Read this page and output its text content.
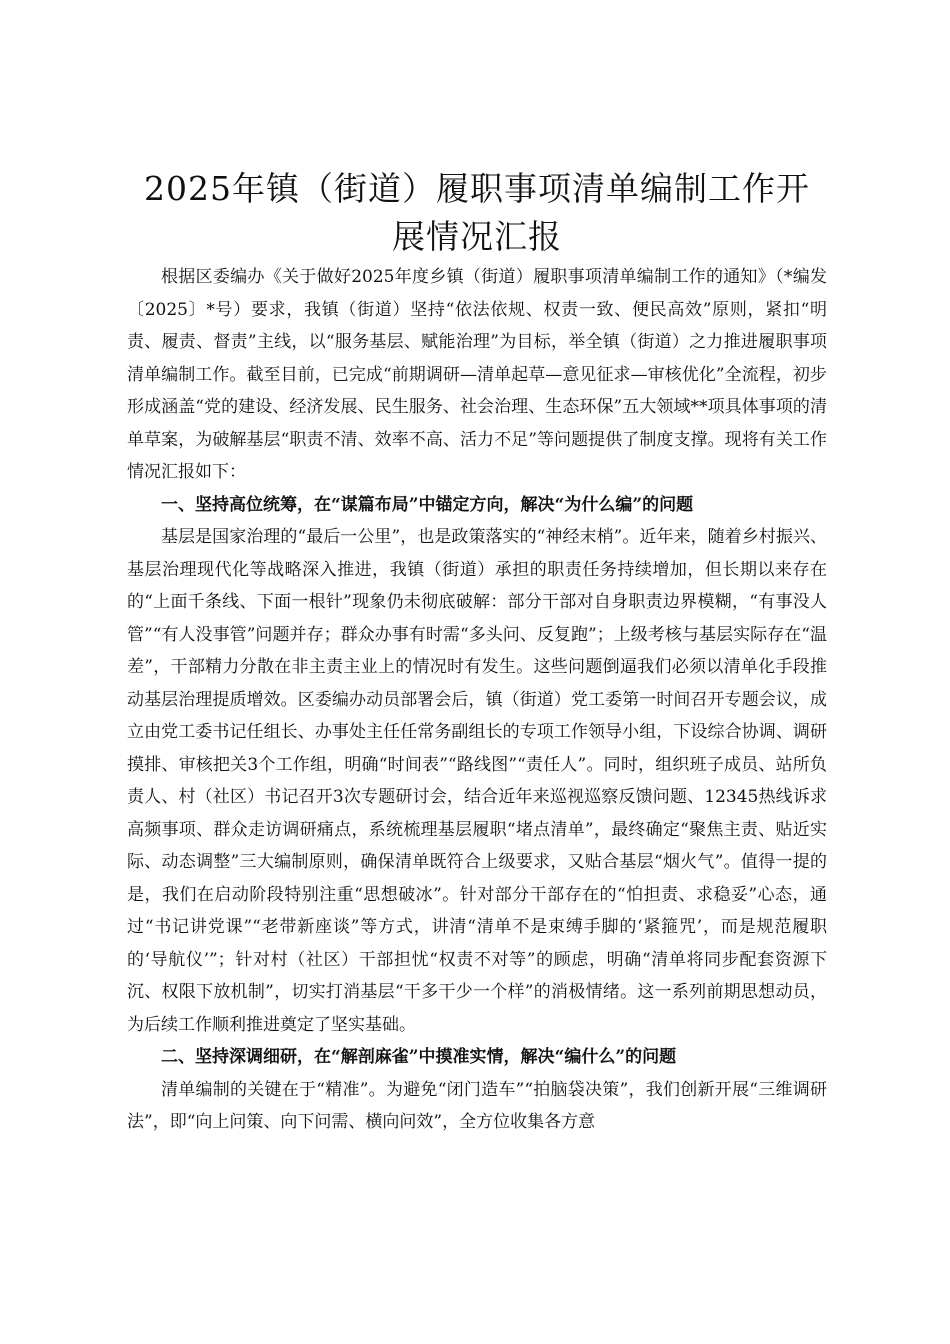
2025年镇（街道）履职事项清单编制工作开
展情况汇报

根据区委编办《关于做好2025年度乡镇（街道）履职事项清单编制工作的通知》（*编发〔2025〕*号）要求，我镇（街道）坚持“依法依规、权责一致、便民高效”原则，紧扣“明责、履责、督责”主线，以“服务基层、赋能治理”为目标，举全镇（街道）之力推进履职事项清单编制工作。截至目前，已完成“前期调研—清单起草—意见征求—审核优化”全流程，初步形成涵盖“党的建设、经济发展、民生服务、社会治理、生态环保”五大领域**项具体事项的清单草案，为破解基层“职责不清、效率不高、活力不足”等问题提供了制度支撑。现将有关工作情况汇报如下：

一、坚持高位统筹，在“谋篇布局”中锚定方向，解决“为什么编”的问题

基层是国家治理的“最后一公里”，也是政策落实的“神经末梢”。近年来，随着乡村振兴、基层治理现代化等战略深入推进，我镇（街道）承担的职责任务持续增加，但长期以来存在的“上面千条线、下面一根针”现象仍未彻底破解：部分干部对自身职责边界模糊，“有事没人管”“有人没事管”问题并存；群众办事有时需“多头问、反复跑”；上级考核与基层实际存在“温差”，干部精力分散在非主责主业上的情况时有发生。这些问题倒逼我们必须以清单化手段推动基层治理提质增效。区委编办动员部署会后，镇（街道）党工委第一时间召开专题会议，成立由党工委书记任组长、办事处主任任常务副组长的专项工作领导小组，下设综合协调、调研摸排、审核把关3个工作组，明确“时间表”“路线图”“责任人”。同时，组织班子成员、站所负责人、村（社区）书记召开3次专题研讨会，结合近年来巡视巡察反馈问题、12345热线诉求高频事项、群众走访调研痛点，系统梳理基层履职“堵点清单”，最终确定“聚焦主责、贴近实际、动态调整”三大编制原则，确保清单既符合上级要求，又贴合基层“烟火气”。值得一提的是，我们在启动阶段特别注重“思想破冰”。针对部分干部存在的“怕担责、求稳妥”心态，通过“书记讲党课”“老带新座谈”等方式，讲清“清单不是束缚手脚的‘紧箍咒’，而是规范履职的‘导航仪’”；针对村（社区）干部担忧“权责不对等”的顾虑，明确“清单将同步配套资源下沉、权限下放机制”，切实打消基层“干多干少一个样”的消极情绪。这一系列前期思想动员，为后续工作顺利推进奠定了坚实基础。

二、坚持深调细研，在“解剖麻雀”中摸准实情，解决“编什么”的问题

清单编制的关键在于“精准”。为避免“闭门造车”“拍脑袋决策”，我们创新开展“三维调研法”，即“向上问策、向下问需、横向问效”，全方位收集各方意
